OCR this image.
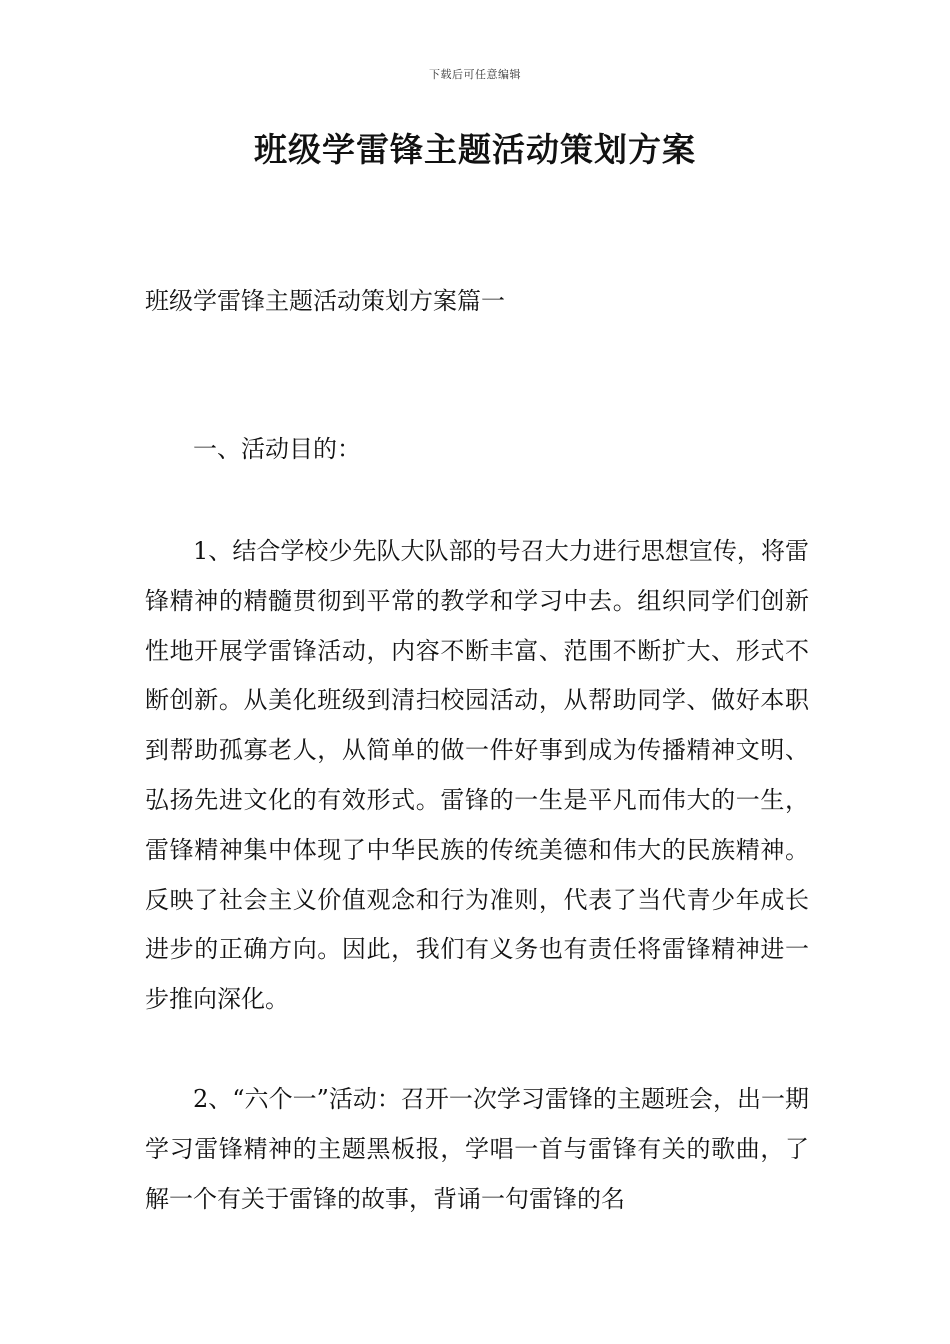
下载后可任意编辑
班级学雷锋主题活动策划方案

班级学雷锋主题活动策划方案篇一

一、活动目的：

1、结合学校少先队大队部的号召大力进行思想宣传，将雷锋精神的精髓贯彻到平常的教学和学习中去。组织同学们创新性地开展学雷锋活动，内容不断丰富、范围不断扩大、形式不断创新。从美化班级到清扫校园活动，从帮助同学、做好本职到帮助孤寡老人，从简单的做一件好事到成为传播精神文明、弘扬先进文化的有效形式。雷锋的一生是平凡而伟大的一生，雷锋精神集中体现了中华民族的传统美德和伟大的民族精神。反映了社会主义价值观念和行为准则，代表了当代青少年成长进步的正确方向。因此，我们有义务也有责任将雷锋精神进一步推向深化。

2、“六个一”活动：召开一次学习雷锋的主题班会，出一期学习雷锋精神的主题黑板报，学唱一首与雷锋有关的歌曲，了解一个有关于雷锋的故事，背诵一句雷锋的名
